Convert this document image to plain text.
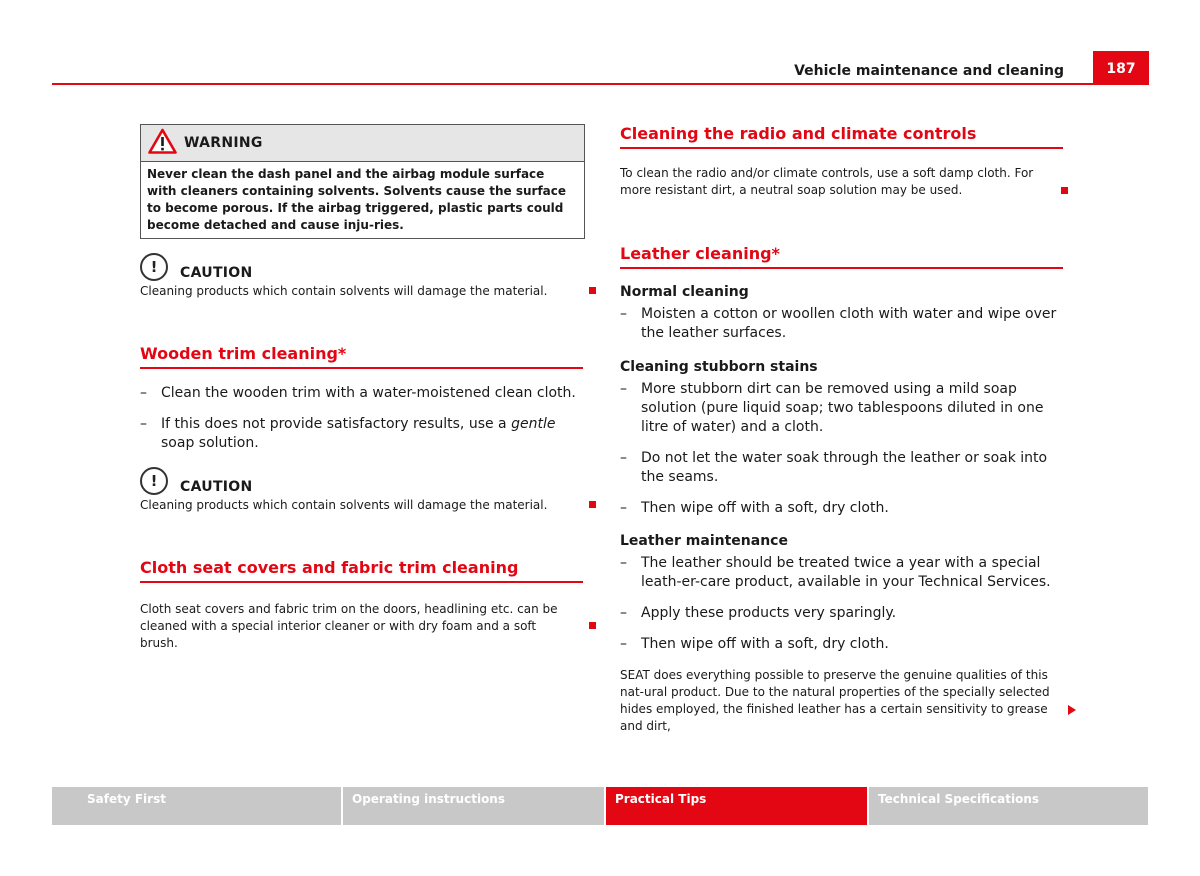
Vehicle maintenance and cleaning	187
WARNING
Never clean the dash panel and the airbag module surface with cleaners containing solvents. Solvents cause the surface to become porous. If the airbag triggered, plastic parts could become detached and cause inju-ries.
!	CAUTION
Cleaning products which contain solvents will damage the material.
Wooden trim cleaning*
– Clean the wooden trim with a water-moistened clean cloth.
– If this does not provide satisfactory results, use a gentle soap solution.
!	CAUTION
Cleaning products which contain solvents will damage the material.
Cloth seat covers and fabric trim cleaning
Cloth seat covers and fabric trim on the doors, headlining etc. can be cleaned with a special interior cleaner or with dry foam and a soft brush.
Cleaning the radio and climate controls
To clean the radio and/or climate controls, use a soft damp cloth. For more resistant dirt, a neutral soap solution may be used.
Leather cleaning*
Normal cleaning
– Moisten a cotton or woollen cloth with water and wipe over the leather surfaces.
Cleaning stubborn stains
– More stubborn dirt can be removed using a mild soap solution (pure liquid soap; two tablespoons diluted in one litre of water) and a cloth.
– Do not let the water soak through the leather or soak into the seams.
– Then wipe off with a soft, dry cloth.
Leather maintenance
– The leather should be treated twice a year with a special leath-er-care product, available in your Technical Services.
– Apply these products very sparingly.
– Then wipe off with a soft, dry cloth.
SEAT does everything possible to preserve the genuine qualities of this nat-ural product. Due to the natural properties of the specially selected hides employed, the finished leather has a certain sensitivity to grease and dirt,
Safety First	Operating instructions	Practical Tips	Technical Specifications
